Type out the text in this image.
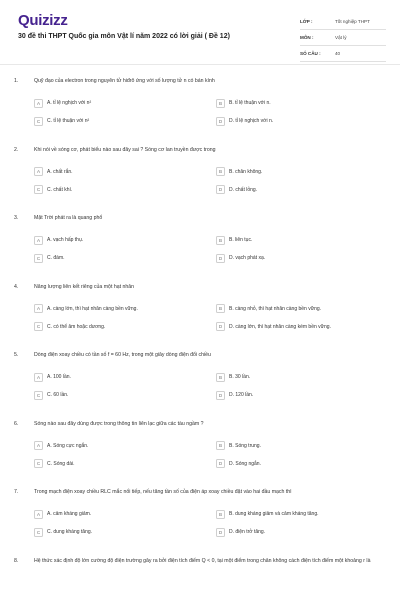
Quizizz
30 đề thi THPT Quốc gia môn Vật lí năm 2022 có lời giải ( Đề 12)
LỚP :	Tốt nghiệp THPT
MÔN :	Vật lý
SỐ CÂU :	40
1.	Quỹ đạo của electron trong nguyên tử hiđrô ứng với số lượng tử n có bán kính
A	A. tỉ lệ nghịch với n²	B	B. tỉ lệ thuận với n.
C	C. tỉ lệ thuận với n²	D	D. tỉ lệ nghịch với n.
2.	Khi nói về sóng cơ, phát biểu nào sau đây sai ? Sóng cơ lan truyền được trong
A	A. chất rắn.	B	B. chân không.
C	C. chất khí.	D	D. chất lỏng.
3.	Mặt Trời phát ra là quang phổ
A	A. vạch hấp thụ.	B	B. liên tục.
C	C. đám.	D	D. vạch phát xạ.
4.	Năng lượng liên kết riêng của một hạt nhân
A	A. càng lớn, thì hạt nhân càng bền vững.	B	B. càng nhỏ, thì hạt nhân càng bền vững.
C	C. có thể âm hoặc dương.	D	D. càng lớn, thì hạt nhân càng kém bền vững.
5.	Dòng điện xoay chiều có tần số f = 60 Hz, trong một giây dòng điện đổi chiều
A	A. 100 lần.	B	B. 30 lần.
C	C. 60 lần.	D	D. 120 lần.
6.	Sóng nào sau đây dùng được trong thông tin liên lạc giữa các tàu ngầm ?
A	A. Sóng cực ngắn.	B	B. Sóng trung.
C	C. Sóng dài.	D	D. Sóng ngắn.
7.	Trong mạch điện xoay chiều RLC mắc nối tiếp, nếu tăng tần số của điện áp xoay chiều đặt vào hai đầu mạch thì
A	A. cảm kháng giảm.	B	B. dung kháng giảm và cảm kháng tăng.
C	C. dung kháng tăng.	D	D. điện trở tăng.
8.	Hệ thức xác định độ lớn cường độ điện trường gây ra bởi điện tích điểm Q < 0, tại một điểm trong chân không cách điện tích điểm một khoảng r là
